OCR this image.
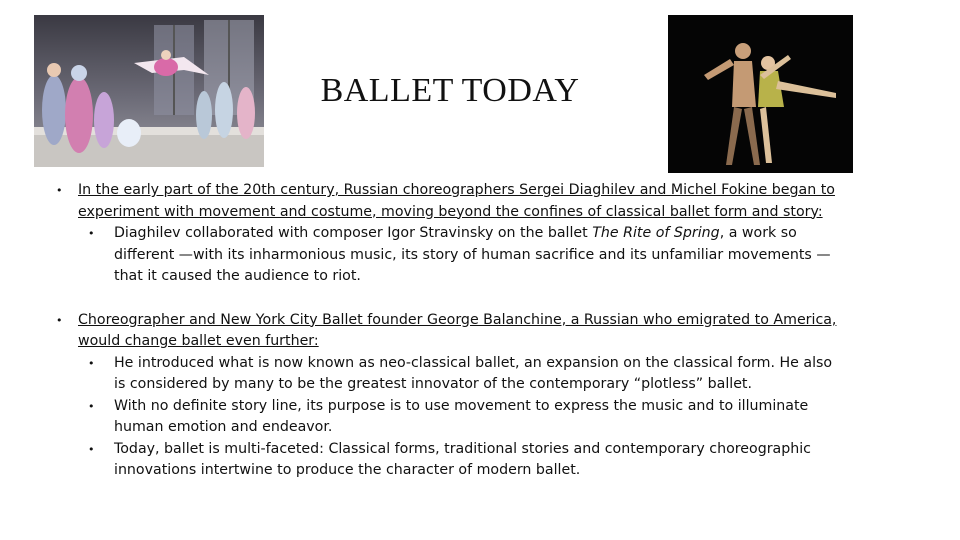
BALLET TODAY
• In the early part of the 20th century, Russian choreographers Sergei Diaghilev and Michel Fokine began to experiment with movement and costume, moving beyond the confines of classical ballet form and story:
• Diaghilev collaborated with composer Igor Stravinsky on the ballet The Rite of Spring, a work so different —with its inharmonious music, its story of human sacrifice and its unfamiliar movements — that it caused the audience to riot.
• Choreographer and New York City Ballet founder George Balanchine, a Russian who emigrated to America, would change ballet even further:
• He introduced what is now known as neo-classical ballet, an expansion on the classical form. He also is considered by many to be the greatest innovator of the contemporary “plotless” ballet.
• With no definite story line, its purpose is to use movement to express the music and to illuminate human emotion and endeavor.
• Today, ballet is multi-faceted: Classical forms, traditional stories and contemporary choreographic innovations intertwine to produce the character of modern ballet.
